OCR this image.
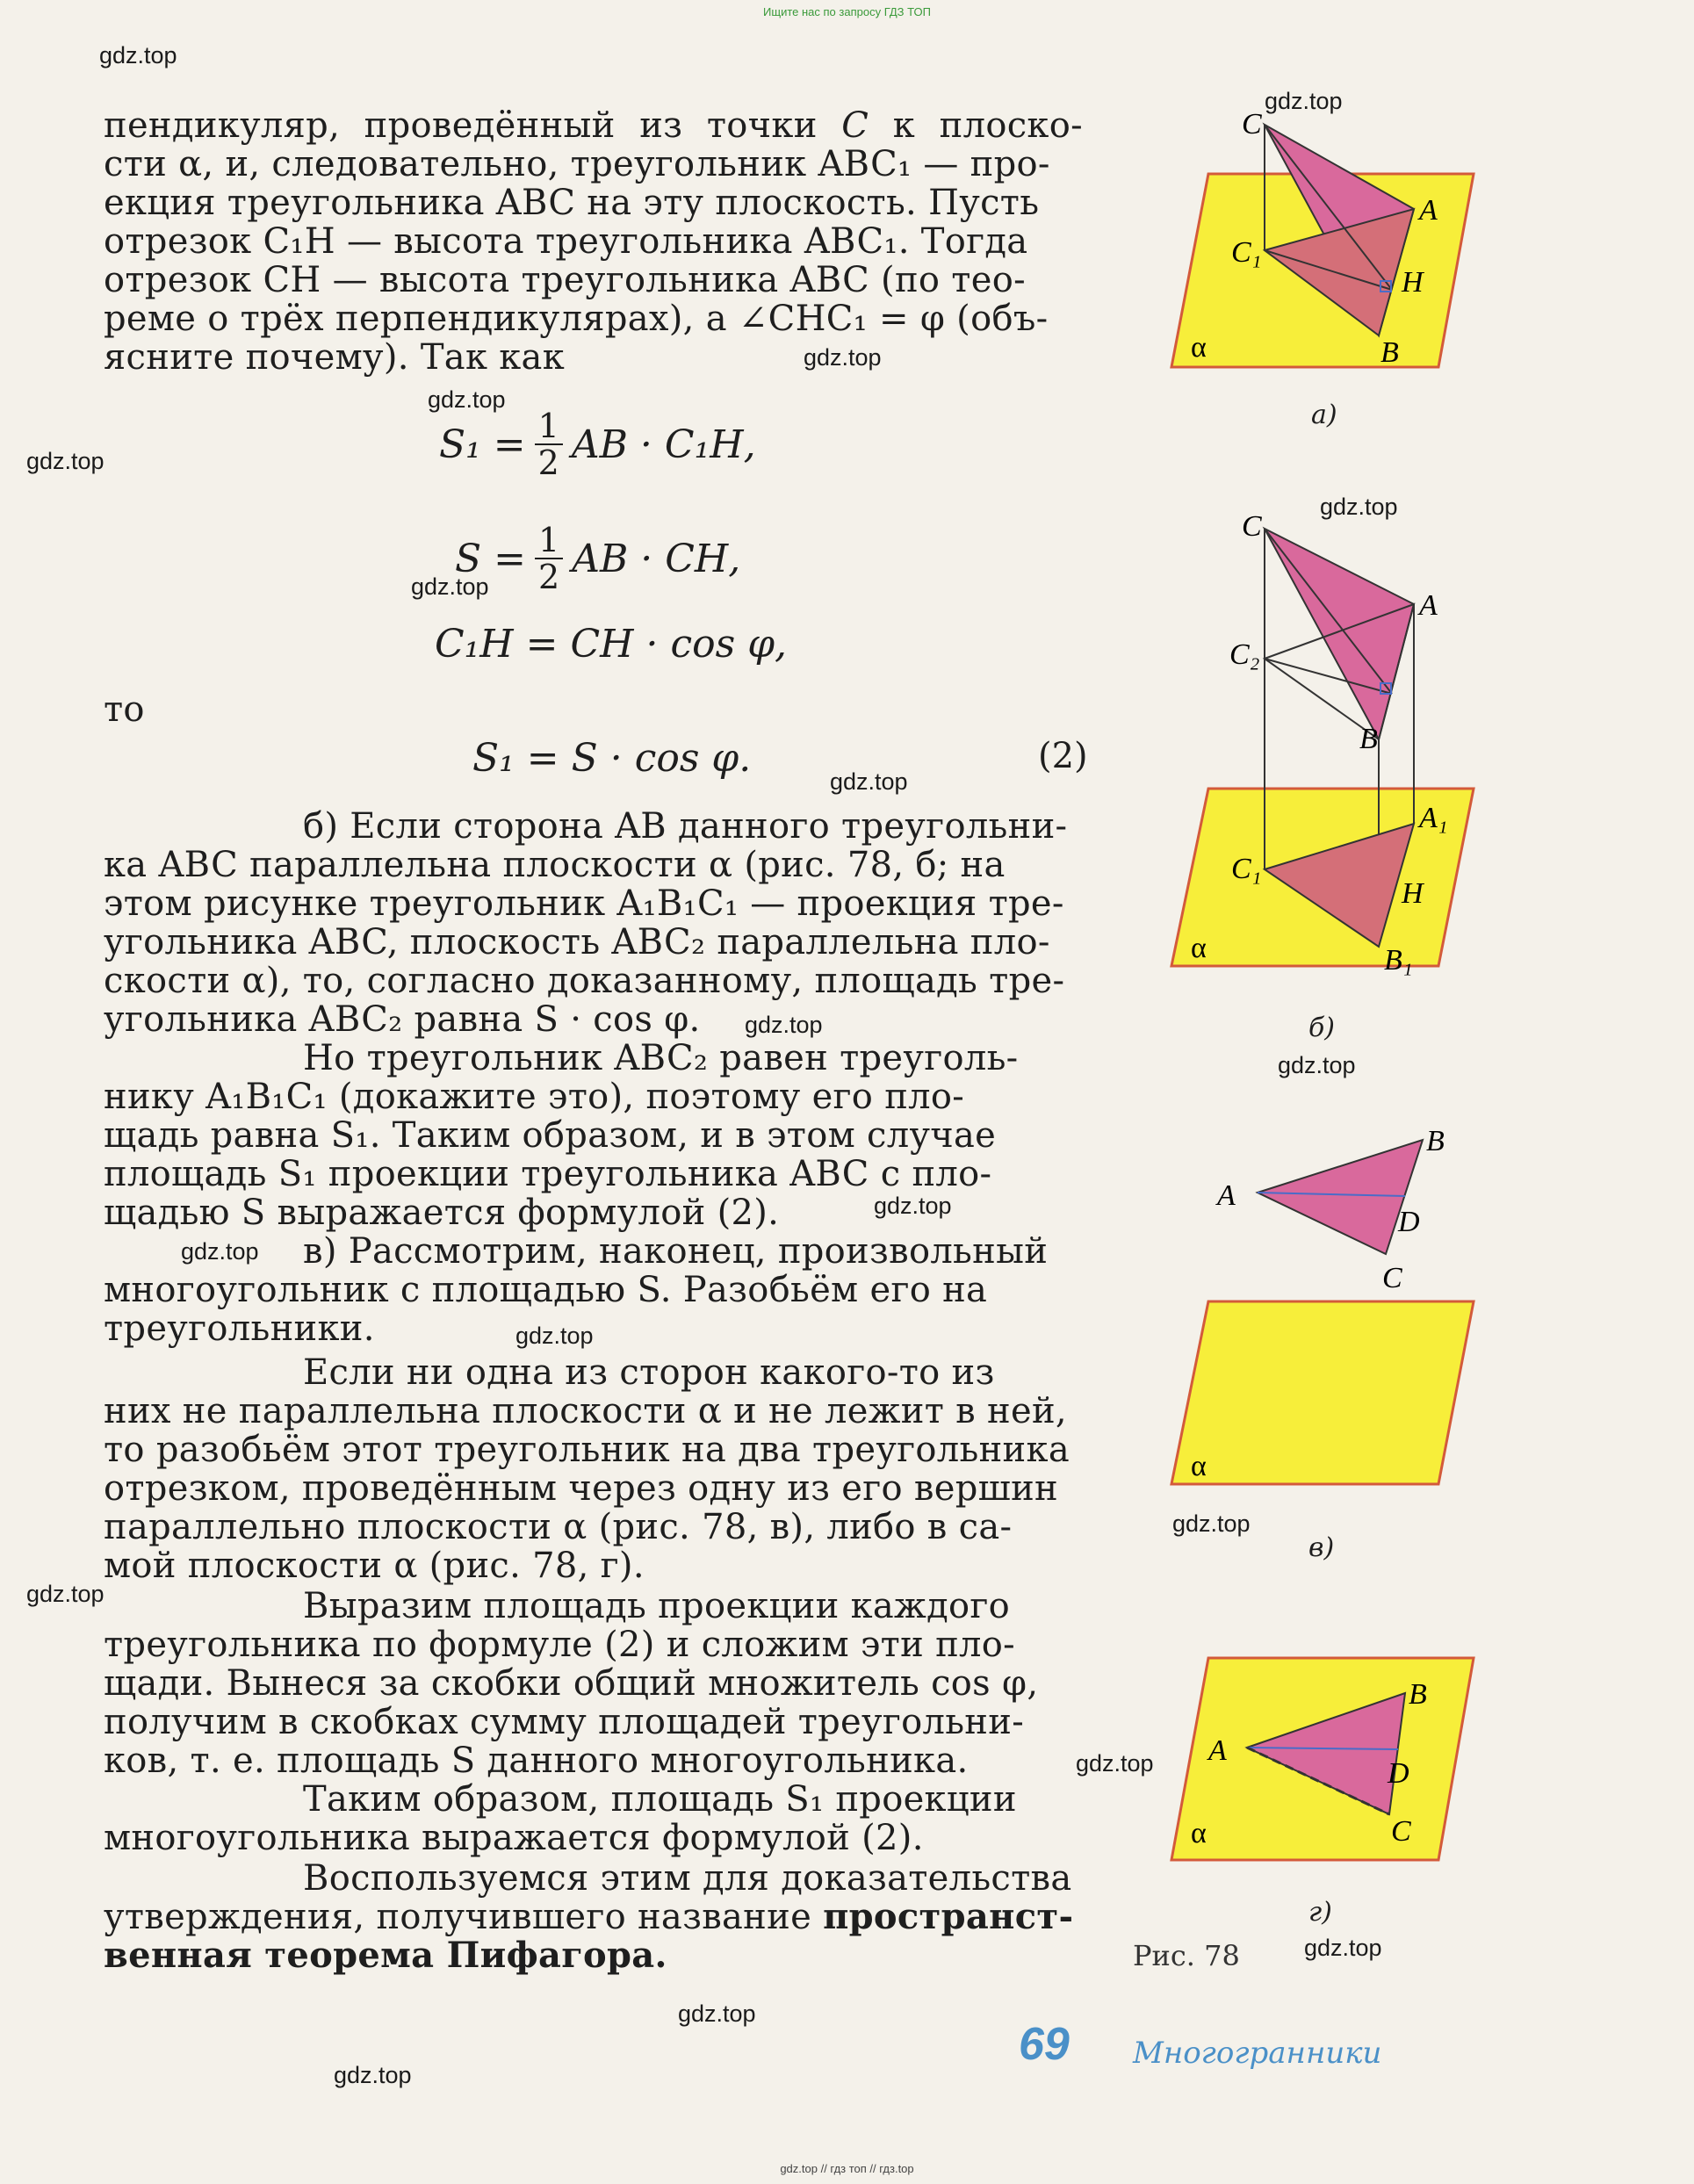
Ищите нас по запросу ГДЗ ТОП
gdz.top
gdz.top
gdz.top
gdz.top
gdz.top
gdz.top
gdz.top
gdz.top
gdz.top
gdz.top
gdz.top
gdz.top
gdz.top
gdz.top
gdz.top
gdz.top
gdz.top
gdz.top
gdz.top
пендикуляр, проведённый из точки C к плоско-
сти α, и, следовательно, треугольник ABC₁ — про-
екция треугольника ABC на эту плоскость. Пусть
отрезок C₁H — высота треугольника ABC₁. Тогда
отрезок CH — высота треугольника ABC (по тео-
реме о трёх перпендикулярах), а ∠CHC₁ = φ (объ-
ясните почему). Так как
$S_1 = \frac{1}{2}$ AB · C₁H,
$S = \frac{1}{2}$ AB · CH,
C₁H = CH · cos φ,
то
S₁ = S · cos φ.	(2)
б) Если сторона AB данного треугольни-
ка ABC параллельна плоскости α (рис. 78, б; на
этом рисунке треугольник A₁B₁C₁ — проекция тре-
угольника ABC, плоскость ABC₂ параллельна пло-
скости α), то, согласно доказанному, площадь тре-
угольника ABC₂ равна S · cos φ.
Но треугольник ABC₂ равен треуголь-
нику A₁B₁C₁ (докажите это), поэтому его пло-
щадь равна S₁. Таким образом, и в этом случае
площадь S₁ проекции треугольника ABC с пло-
щадью S выражается формулой (2).
в) Рассмотрим, наконец, произвольный
многоугольник с площадью S. Разобьём его на
треугольники.
Если ни одна из сторон какого-то из
них не параллельна плоскости α и не лежит в ней,
то разобьём этот треугольник на два треугольника
отрезком, проведённым через одну из его вершин
параллельно плоскости α (рис. 78, в), либо в са-
мой плоскости α (рис. 78, г).
Выразим площадь проекции каждого
треугольника по формуле (2) и сложим эти пло-
щади. Вынеся за скобки общий множитель cos φ,
получим в скобках сумму площадей треугольни-
ков, т. е. площадь S данного многоугольника.
Таким образом, площадь S₁ проекции
многоугольника выражается формулой (2).
Воспользуемся этим для доказательства
утверждения, получившего название пространст-
венная теорема Пифагора.
C
A
C₁
H
B
α
а)
C
A
C₂
B
A₁
C₁
H
B₁
α
б)
A
B
D
C
α
в)
A
B
D
C
α
г)
Рис. 78
69 Многогранники
gdz.top // гдз топ // гдз.top
